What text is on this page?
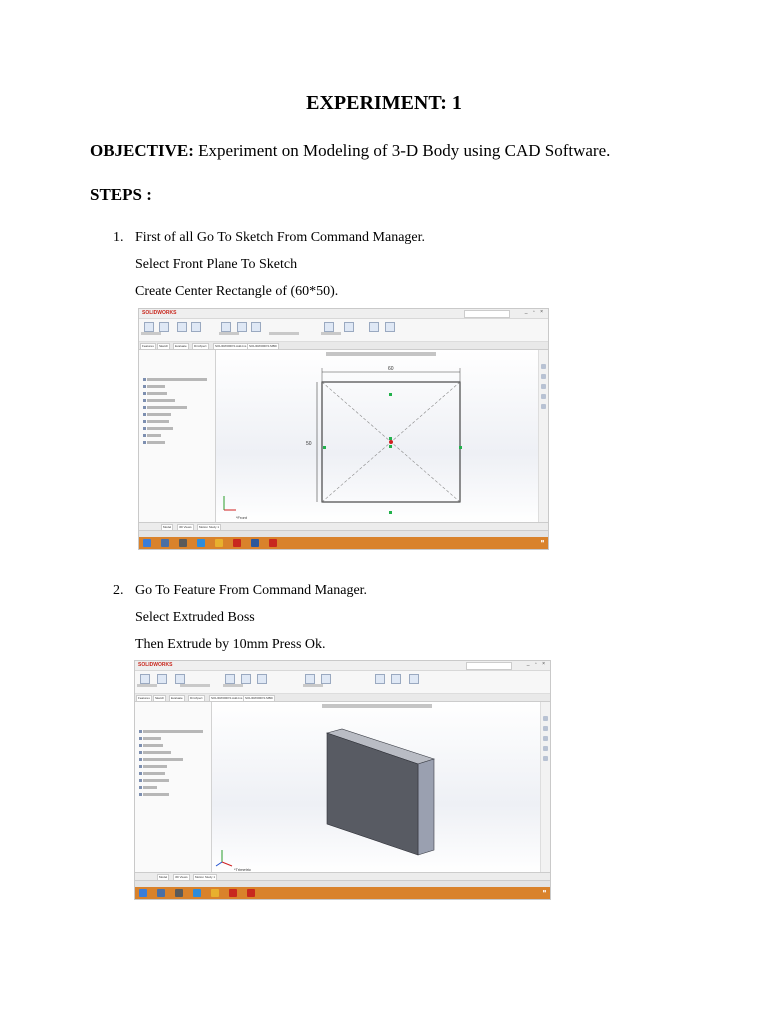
EXPERIMENT: 1
OBJECTIVE: Experiment on Modeling of 3-D Body using CAD Software.
STEPS :
1. First of all Go To Sketch From Command Manager.
Select Front Plane To Sketch
Create Center Rectangle of (60*50).
SOLIDWORKS	_ ▫ ×
Features	Sketch	Evaluate	DimXpert	SOLIDWORKS Add-Ins SOLIDWORKS MBD
60
50
*Front
Model	3D Views	Motion Study 1
▮▮
2. Go To Feature From Command Manager.
Select Extruded Boss
Then Extrude by 10mm Press Ok.
SOLIDWORKS	_ ▫ ×
Features	Sketch	Evaluate	DimXpert	SOLIDWORKS Add-Ins SOLIDWORKS MBD
*Trimetric
Model	3D Views	Motion Study 1
▮▮
